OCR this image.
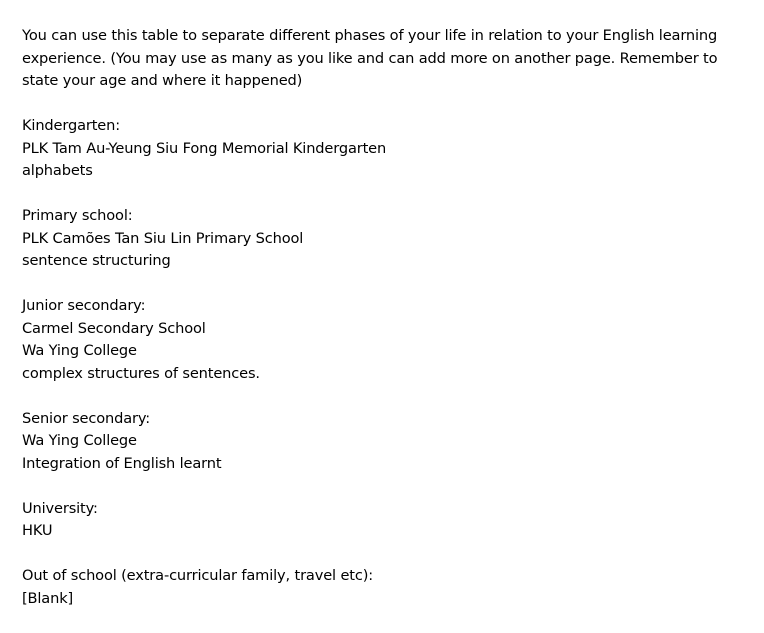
You can use this table to separate different phases of your life in relation to your English learning
experience. (You may use as many as you like and can add more on another page. Remember to
state your age and where it happened)

Kindergarten:
PLK Tam Au-Yeung Siu Fong Memorial Kindergarten
alphabets
Primary school:
PLK Camões Tan Siu Lin Primary School
sentence structuring
Junior secondary:
Carmel Secondary School
Wa Ying College
complex structures of sentences.
Senior secondary:
Wa Ying College
Integration of English learnt
University:
HKU
Out of school (extra-curricular family, travel etc):
[Blank]
